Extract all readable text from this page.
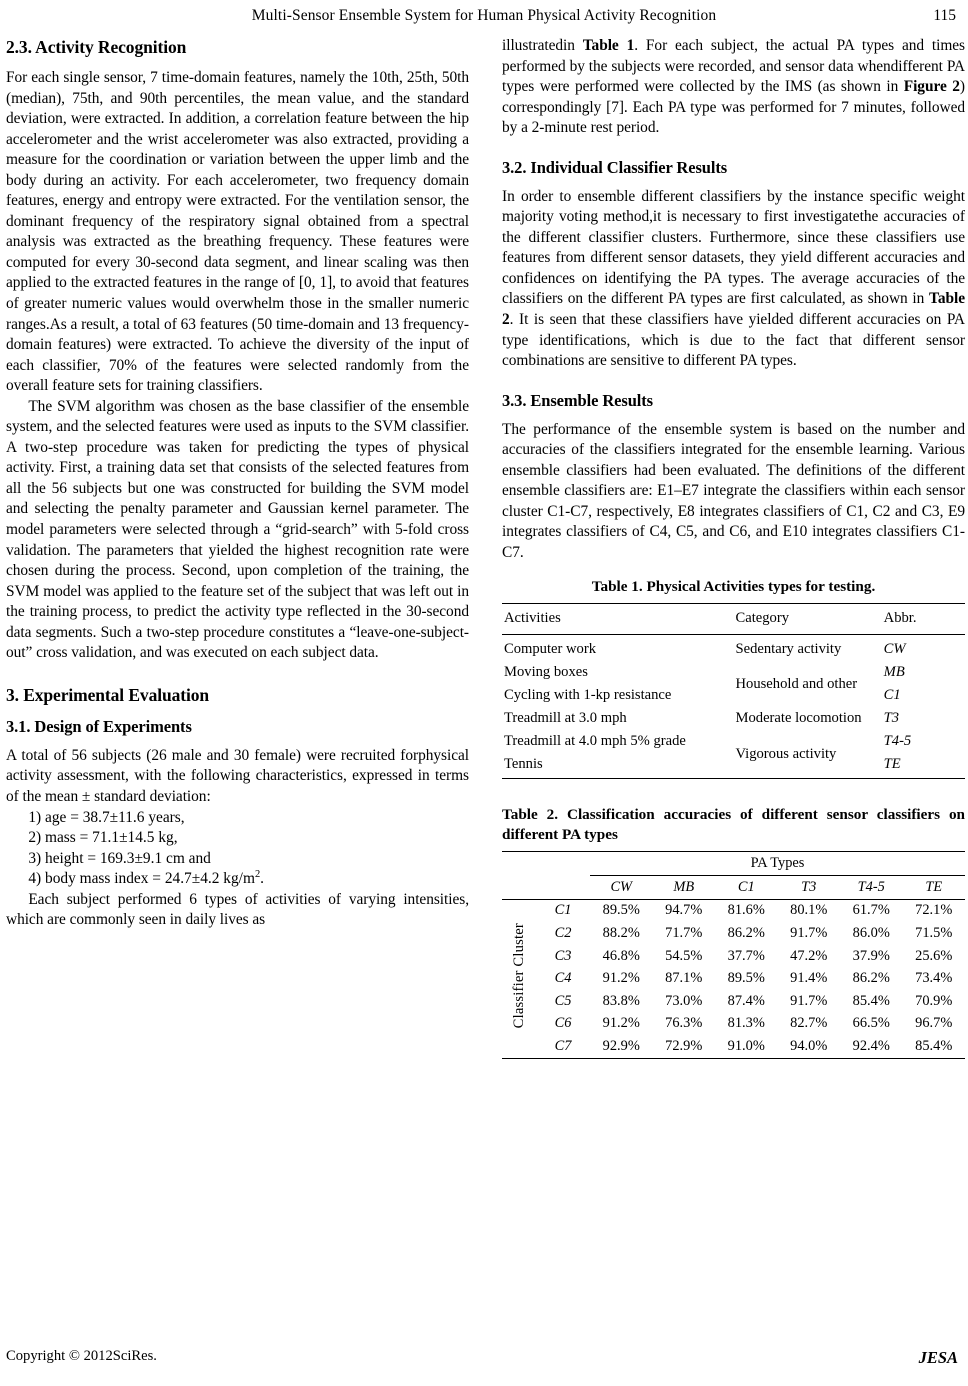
Multi-Sensor Ensemble System for Human Physical Activity Recognition	115
2.3. Activity Recognition

For each single sensor, 7 time-domain features, namely the 10th, 25th, 50th (median), 75th, and 90th percentiles, the mean value, and the standard deviation, were extracted. In addition, a correlation feature between the hip accelerometer and the wrist accelerometer was also extracted, providing a measure for the coordination or variation between the upper limb and the body during an activity. For each accelerometer, two frequency domain features, energy and entropy were extracted. For the ventilation sensor, the dominant frequency of the respiratory signal obtained from a spectral analysis was extracted as the breathing frequency. These features were computed for every 30-second data segment, and linear scaling was then applied to the extracted features in the range of [0, 1], to avoid that features of greater numeric values would overwhelm those in the smaller numeric ranges.As a result, a total of 63 features (50 time-domain and 13 frequency-domain features) were extracted. To achieve the diversity of the input of each classifier, 70% of the features were selected randomly from the overall feature sets for training classifiers.

The SVM algorithm was chosen as the base classifier of the ensemble system, and the selected features were used as inputs to the SVM classifier. A two-step procedure was taken for predicting the types of physical activity. First, a training data set that consists of the selected features from all the 56 subjects but one was constructed for building the SVM model and selecting the penalty parameter and Gaussian kernel parameter. The model parameters were selected through a “grid-search” with 5-fold cross validation. The parameters that yielded the highest recognition rate were chosen during the process. Second, upon completion of the training, the SVM model was applied to the feature set of the subject that was left out in the training process, to predict the activity type reflected in the 30-second data segments. Such a two-step procedure constitutes a “leave-one-subject-out” cross validation, and was executed on each subject data.

3. Experimental Evaluation
3.1. Design of Experiments

A total of 56 subjects (26 male and 30 female) were recruited forphysical activity assessment, with the following characteristics, expressed in terms of the mean ± standard deviation:

1) age = 38.7±11.6 years,
2) mass = 71.1±14.5 kg,
3) height = 169.3±9.1 cm and
4) body mass index = 24.7±4.2 $kg/m^2$.

Each subject performed 6 types of activities of varying intensities, which are commonly seen in daily lives as

illustratedin Table 1. For each subject, the actual PA types and times performed by the subjects were recorded, and sensor data whendifferent PA types were performed were collected by the IMS (as shown in Figure 2) correspondingly [7]. Each PA type was performed for 7 minutes, followed by a 2-minute rest period.

3.2. Individual Classifier Results

In order to ensemble different classifiers by the instance specific weight majority voting method,it is necessary to first investigatethe accuracies of the different classifier clusters. Furthermore, since these classifiers use features from different sensor datasets, they yield different accuracies and confidences on identifying the PA types. The average accuracies of the classifiers on the different PA types are first calculated, as shown in Table 2. It is seen that these classifiers have yielded different accuracies on PA type identifications, which is due to the fact that different sensor combinations are sensitive to different PA types.

3.3. Ensemble Results

The performance of the ensemble system is based on the number and accuracies of the classifiers integrated for the ensemble learning. Various ensemble classifiers had been evaluated. The definitions of the different ensemble classifiers are: E1–E7 integrate the classifiers within each sensor cluster C1-C7, respectively, E8 integrates classifiers of C1, C2 and C3, E9 integrates classifiers of C4, C5, and C6, and E10 integrates classifiers C1-C7.

Table 1. Physical Activities types for testing.
Activities	Category	Abbr.
Computer work	Sedentary activity	CW
Moving boxes	Household and other	MB
Cycling with 1-kp resistance		C1
Treadmill at 3.0 mph	Moderate locomotion	T3
Treadmill at 4.0 mph 5% grade	Vigorous activity	T4-5
Tennis		TE
Table 2. Classification accuracies of different sensor classifiers on different PA types
		PA Types					
		CW	MB	C1	T3	T4-5	TE
Classifier Cluster	C1	89.5%	94.7%	81.6%	80.1%	61.7%	72.1%
	C2	88.2%	71.7%	86.2%	91.7%	86.0%	71.5%
	C3	46.8%	54.5%	37.7%	47.2%	37.9%	25.6%
	C4	91.2%	87.1%	89.5%	91.4%	86.2%	73.4%
	C5	83.8%	73.0%	87.4%	91.7%	85.4%	70.9%
	C6	91.2%	76.3%	81.3%	82.7%	66.5%	96.7%
	C7	92.9%	72.9%	91.0%	94.0%	92.4%	85.4%
Copyright © 2012SciRes.	JESA
